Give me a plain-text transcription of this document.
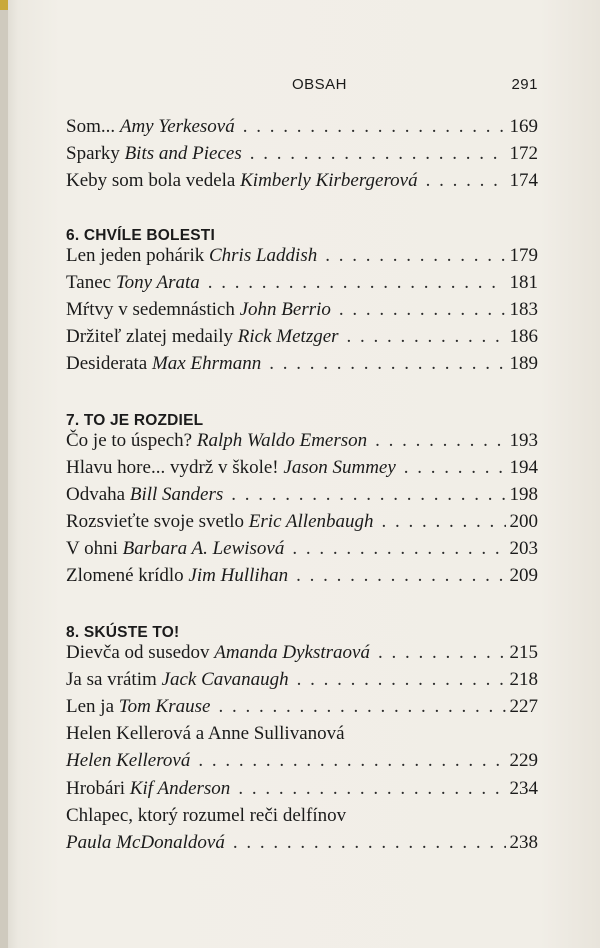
OBSAH	291
Som... Amy Yerkesová . . .	169
Sparky Bits and Pieces . . .	172
Keby som bola vedela Kimberly Kirbergerová . . .	174
6. CHVÍLE BOLESTI
Len jeden pohárik Chris Laddish . . .	179
Tanec Tony Arata . . .	181
Mŕtvy v sedemnástich John Berrio . . .	183
Držiteľ zlatej medaily Rick Metzger . . .	186
Desiderata Max Ehrmann . . .	189
7. TO JE ROZDIEL
Čo je to úspech? Ralph Waldo Emerson . . .	193
Hlavu hore... vydrž v škole! Jason Summey . . .	194
Odvaha Bill Sanders . . .	198
Rozsvieťte svoje svetlo Eric Allenbaugh . . .	200
V ohni Barbara A. Lewisová . . .	203
Zlomené krídlo Jim Hullihan . . .	209
8. SKÚSTE TO!
Dievča od susedov Amanda Dykstraová . . .	215
Ja sa vrátim Jack Cavanaugh . . .	218
Len ja Tom Krause . . .	227
Helen Kellerová a Anne Sullivanová
Helen Kellerová . . .	229
Hrobári Kif Anderson . . .	234
Chlapec, ktorý rozumel reči delfínov
Paula McDonaldová . . .	238
